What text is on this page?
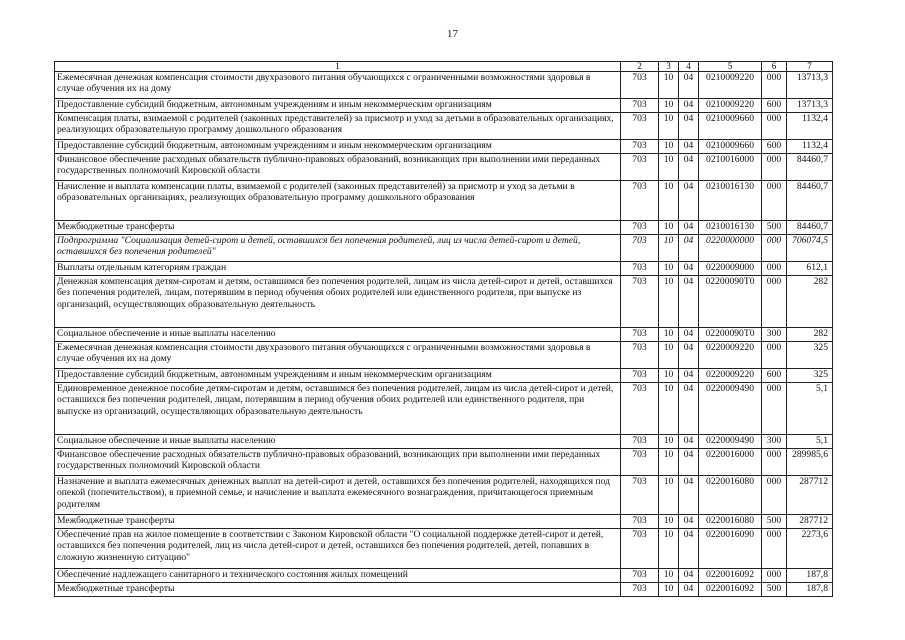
17
1	2	3	4	5	6	7
Ежемесячная денежная компенсация стоимости двухразового питания обучающихся с ограниченными возможностями здоровья в случае обучения их на дому	703	10	04	0210009220	000	13713,3
Предоставление субсидий бюджетным, автономным учреждениям и иным некоммерческим организациям	703	10	04	0210009220	600	13713,3
Компенсация платы, взимаемой с родителей (законных представителей) за присмотр и уход за детьми в образовательных организациях, реализующих образовательную программу дошкольного образования	703	10	04	0210009660	000	1132,4
Предоставление субсидий бюджетным, автономным учреждениям и иным некоммерческим организациям	703	10	04	0210009660	600	1132,4
Финансовое обеспечение расходных обязательств публично-правовых образований, возникающих при выполнении ими переданных государственных полномочий Кировской области	703	10	04	0210016000	000	84460,7
Начисление и выплата компенсации платы, взимаемой с родителей (законных представителей) за присмотр и уход за детьми в образовательных организациях, реализующих образовательную программу дошкольного образования	703	10	04	0210016130	000	84460,7
Межбюджетные трансферты	703	10	04	0210016130	500	84460,7
Подпрограмма "Социализация детей-сирот и детей, оставшихся без попечения родителей, лиц из числа детей-сирот и детей, оставшихся без попечения родителей"	703	10	04	0220000000	000	706074,5
Выплаты отдельным категориям граждан	703	10	04	0220009000	000	612,1
Денежная компенсация детям-сиротам и детям, оставшимся без попечения родителей, лицам из числа детей-сирот и детей, оставшихся без попечения родителей, лицам, потерявшим в период обучения обоих родителей или единственного родителя, при выпуске из организаций, осуществляющих образовательную деятельность	703	10	04	02200090Т0	000	282
Социальное обеспечение и иные выплаты населению	703	10	04	02200090Т0	300	282
Ежемесячная денежная компенсация стоимости двухразового питания обучающихся с ограниченными возможностями здоровья в случае обучения их на дому	703	10	04	0220009220	000	325
Предоставление субсидий бюджетным, автономным учреждениям и иным некоммерческим организациям	703	10	04	0220009220	600	325
Единовременное денежное пособие детям-сиротам и детям, оставшимся без попечения родителей, лицам из числа детей-сирот и детей, оставшихся без попечения родителей, лицам, потерявшим в период обучения обоих родителей или единственного родителя, при выпуске из организаций, осуществляющих образовательную деятельность	703	10	04	0220009490	000	5,1
Социальное обеспечение и иные выплаты населению	703	10	04	0220009490	300	5,1
Финансовое обеспечение расходных обязательств публично-правовых образований, возникающих при выполнении ими переданных государственных полномочий Кировской области	703	10	04	0220016000	000	289985,6
Назначение и выплата ежемесячных денежных выплат на детей-сирот и детей, оставшихся без попечения родителей, находящихся под опекой (попечительством), в приемной семье, и начисление и выплата ежемесячного вознаграждения, причитающегося приемным родителям	703	10	04	0220016080	000	287712
Межбюджетные трансферты	703	10	04	0220016080	500	287712
Обеспечение прав на жилое помещение в соответствии с Законом Кировской области "О социальной поддержке детей-сирот и детей, оставшихся без попечения родителей, лиц из числа детей-сирот и детей, оставшихся без попечения родителей, детей, попавших в сложную жизненную ситуацию"	703	10	04	0220016090	000	2273,6
Обеспечение надлежащего санитарного и технического состояния жилых помещений	703	10	04	0220016092	000	187,8
Межбюджетные трансферты	703	10	04	0220016092	500	187,8
